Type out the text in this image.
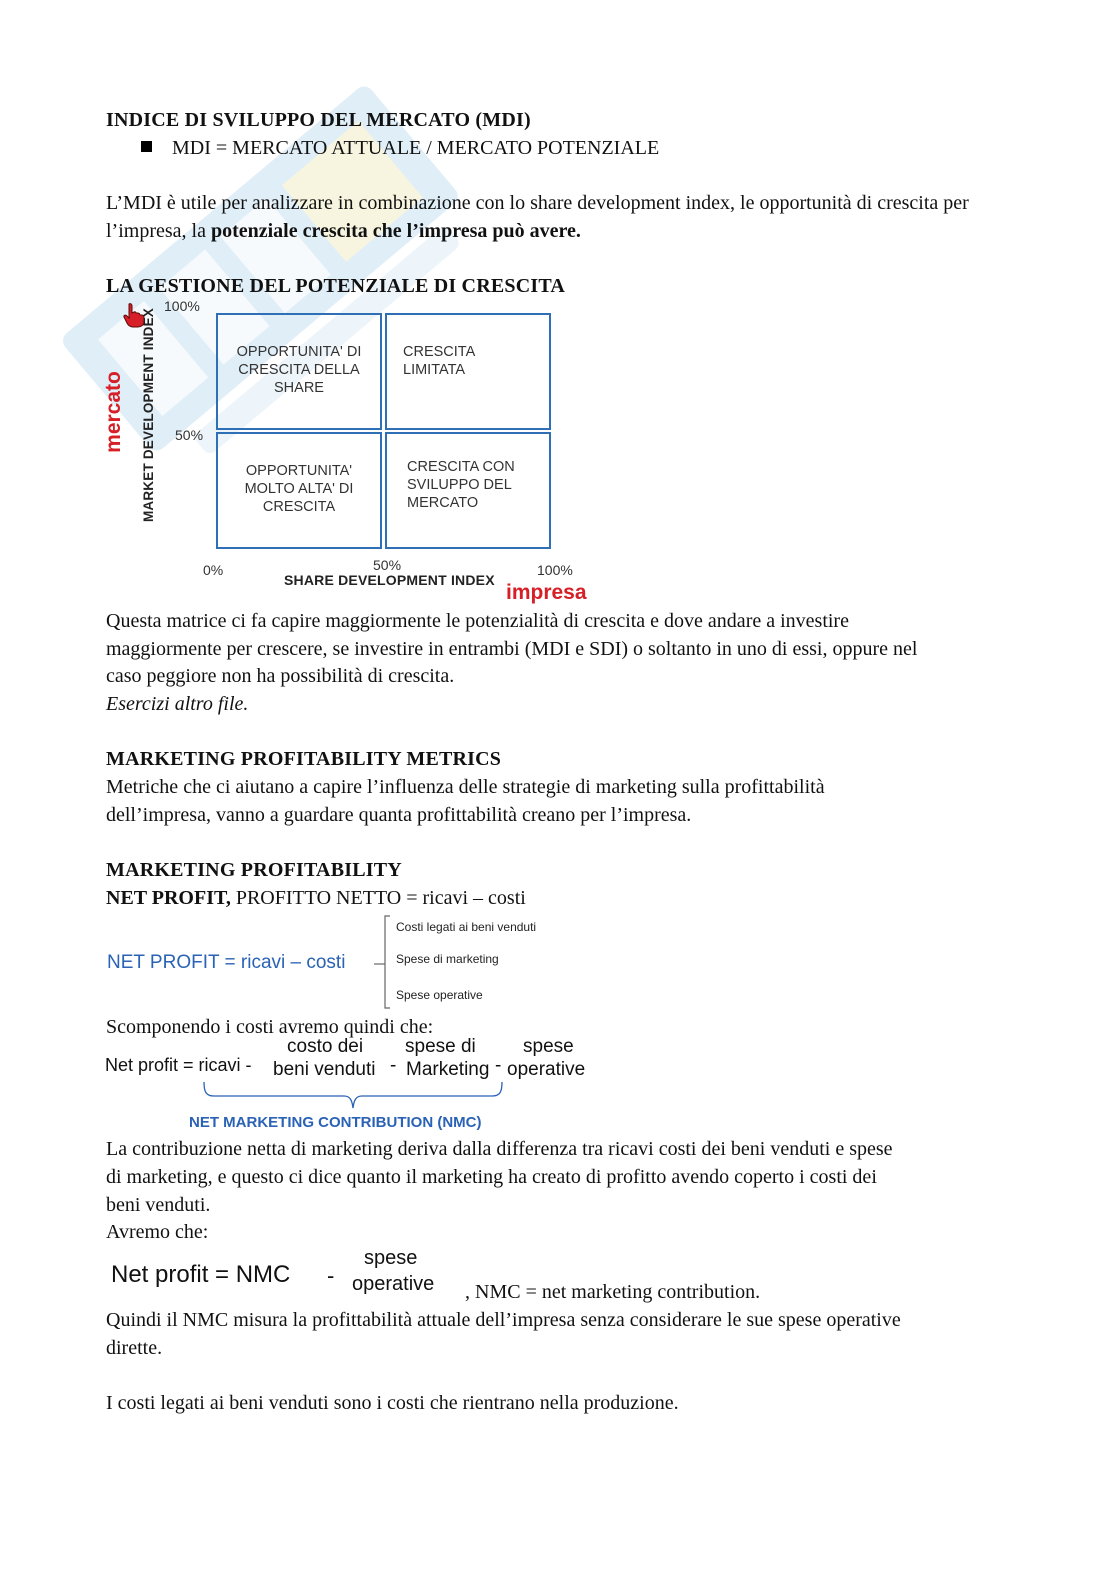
INDICE DI SVILUPPO DEL MERCATO (MDI)
MDI = MERCATO ATTUALE / MERCATO POTENZIALE

L’MDI è utile per analizzare in combinazione con lo share development index, le opportunità di crescita per l’impresa, la potenziale crescita che l’impresa può avere.

LA GESTIONE DEL POTENZIALE DI CRESCITA
mercato	MARKET DEVELOPMENT INDEX
100%
50%
0%	50%	100%
SHARE DEVELOPMENT INDEX
impresa
OPPORTUNITA' DI
CRESCITA DELLA
SHARE
CRESCITA
LIMITATA
OPPORTUNITA'
MOLTO ALTA' DI
CRESCITA
CRESCITA CON
SVILUPPO DEL
MERCATO

Questa matrice ci fa capire maggiormente le potenzialità di crescita e dove andare a investire

maggiormente per crescere, se investire in entrambi (MDI e SDI) o soltanto in uno di essi, oppure nel

caso peggiore non ha possibilità di crescita.

Esercizi altro file.

MARKETING PROFITABILITY METRICS

Metriche che ci aiutano a capire l’influenza delle strategie di marketing sulla profittabilità

dell’impresa, vanno a guardare quanta profittabilità creano per l’impresa.

MARKETING PROFITABILITY

NET PROFIT, PROFITTO NETTO = ricavi – costi

NET PROFIT = ricavi – costi
Costi legati ai beni venduti
Spese di marketing
Spese operative

Scomponendo i costi avremo quindi che:

Net profit = ricavi -
costo dei
beni venduti -
spese di
Marketing -
spese
operative
NET MARKETING CONTRIBUTION (NMC)

La contribuzione netta di marketing deriva dalla differenza tra ricavi costi dei beni venduti e spese

di marketing, e questo ci dice quanto il marketing ha creato di profitto avendo coperto i costi dei

beni venduti.

Avremo che:

Net profit = NMC -
spese
operative , NMC = net marketing contribution.

Quindi il NMC misura la profittabilità attuale dell’impresa senza considerare le sue spese operative

dirette.

I costi legati ai beni venduti sono i costi che rientrano nella produzione.
